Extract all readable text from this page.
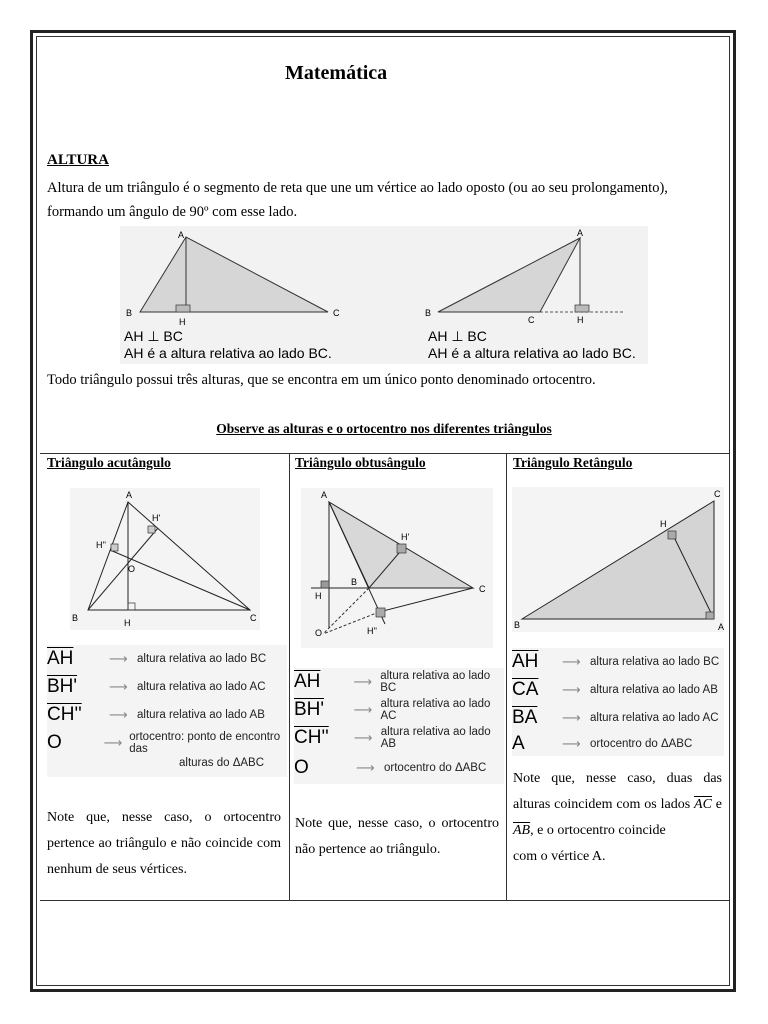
Matemática
ALTURA
Altura de um triângulo é o segmento de reta que une um vértice ao lado oposto (ou ao seu prolongamento),
formando um ângulo de 90º com esse lado.
A
B	C
H
A
B
C	H
AH ⊥ BC
AH é a altura relativa ao lado BC.
AH ⊥ BC
AH é a altura relativa ao lado BC.
Todo triângulo possui três alturas, que se encontra em um único ponto denominado ortocentro.
Observe as alturas e o ortocentro nos diferentes triângulos
Triângulo acutângulo	Triângulo obtusângulo	Triângulo Retângulo
A
B	C
H
H'
H''
O
$\overline{AH}$	⟶ altura relativa ao lado BC
BH'	⟶ altura relativa ao lado AC
CH''	⟶ altura relativa ao lado AB
O	⟶ ortocentro: ponto de encontro das
alturas do ΔABC
Note que, nesse caso, o ortocentro pertence ao triângulo e não coincide com nenhum de seus vértices.
A
B
C
H
H'
H''
O
$\overline{AH}$	⟶ altura relativa ao lado BC
BH'	⟶ altura relativa ao lado AC
CH''	⟶ altura relativa ao lado AB
O	⟶ ortocentro do ΔABC
Note que, nesse caso, o ortocentro não pertence ao triângulo.
C
B	A
H
$\overline{AH}$	⟶ altura relativa ao lado BC
$\overline{CA}$	⟶ altura relativa ao lado AB
$\overline{BA}$	⟶ altura relativa ao lado AC
A	⟶ ortocentro do ΔABC
Note que, nesse caso, duas das alturas coincidem com os lados $\overline{AC}$ e $\overline{AB}$, e o ortocentro coincide
com o vértice A.
